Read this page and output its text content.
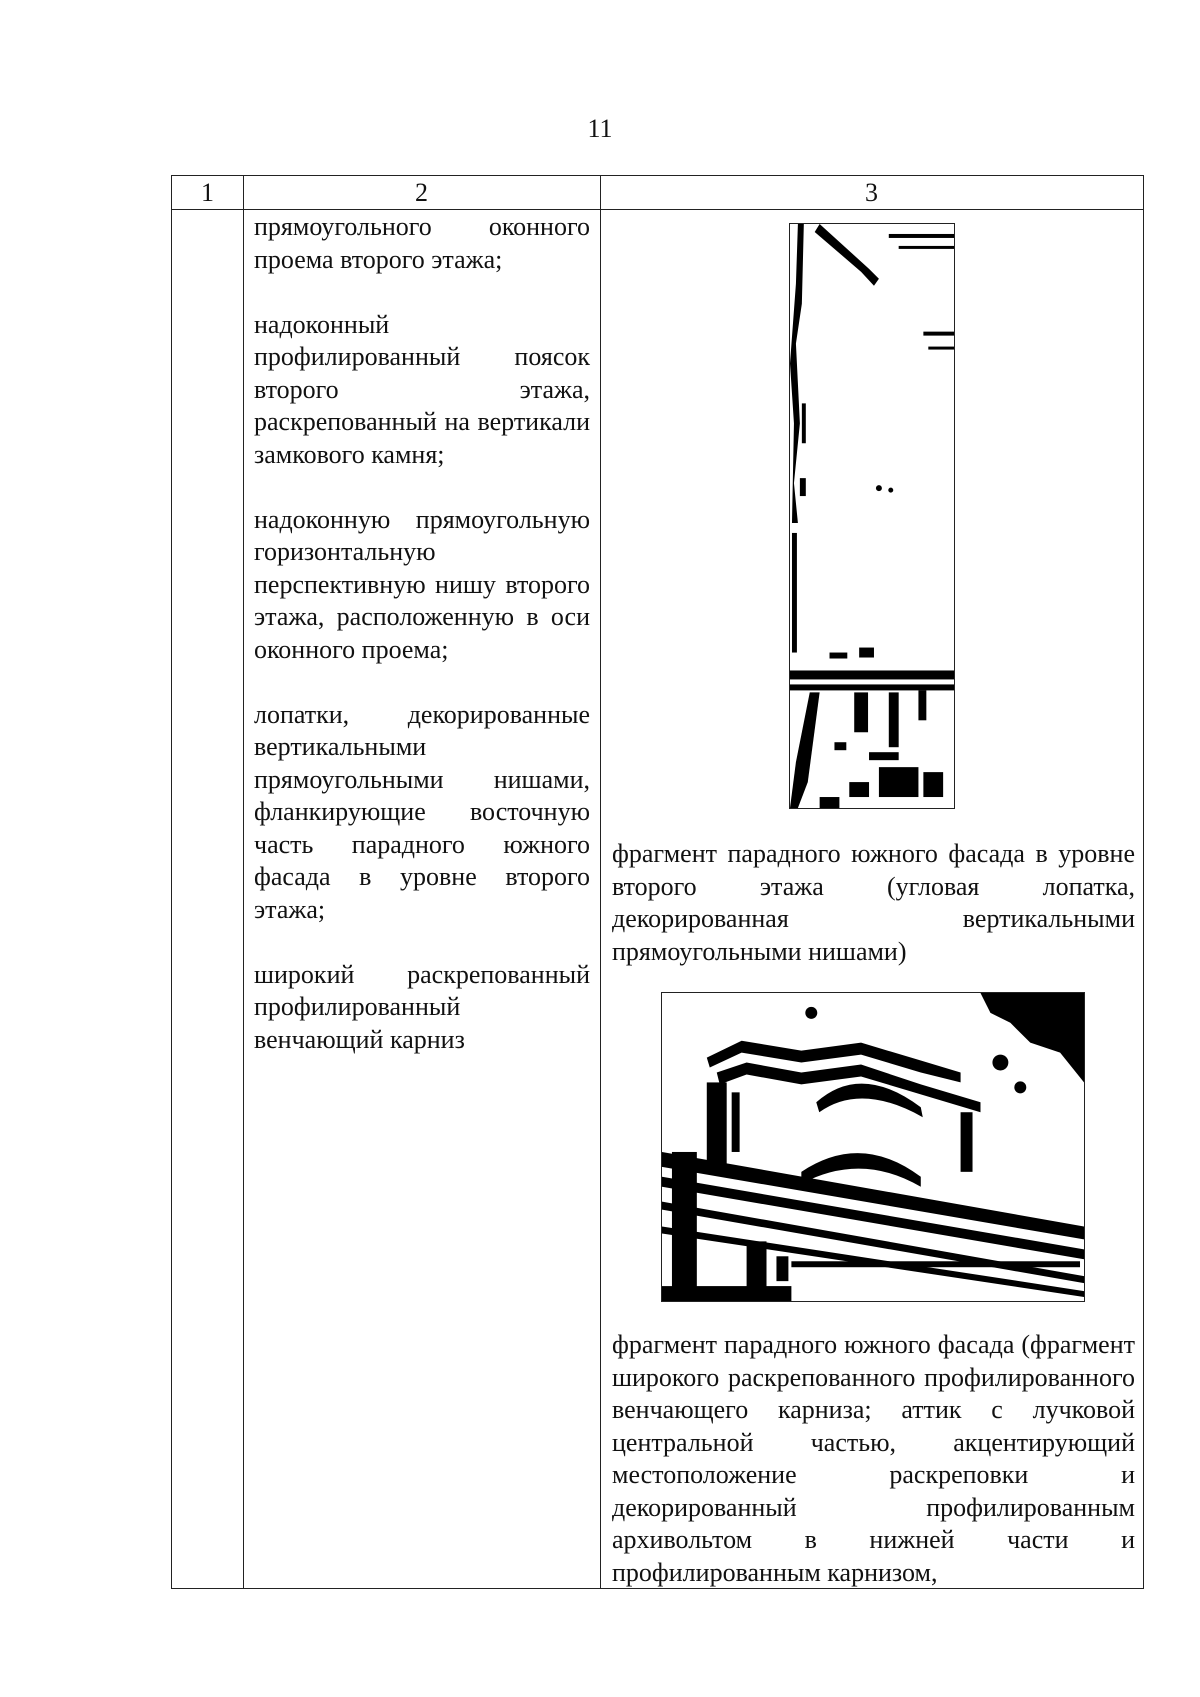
11
1	2	3

прямоугольного оконного проема второго этажа;

надоконный профилированный поясок второго этажа, раскрепованный на вертикали замкового камня;

надоконную прямоугольную горизонтальную перспективную нишу второго этажа, расположенную в оси оконного проема;

лопатки, декорированные вертикальными прямоугольными нишами, фланкирующие восточную часть парадного южного фасада в уровне второго этажа;

широкий раскрепованный профилированный венчающий карниз

фрагмент парадного южного фасада в уровне второго этажа (угловая лопатка, декорированная вертикальными прямоугольными нишами)
фрагмент парадного южного фасада (фрагмент широкого раскрепованного профилированного венчающего карниза; аттик с лучковой центральной частью, акцентирующий местоположение раскреповки и декорированный профилированным архивольтом в нижней части и профилированным карнизом,
